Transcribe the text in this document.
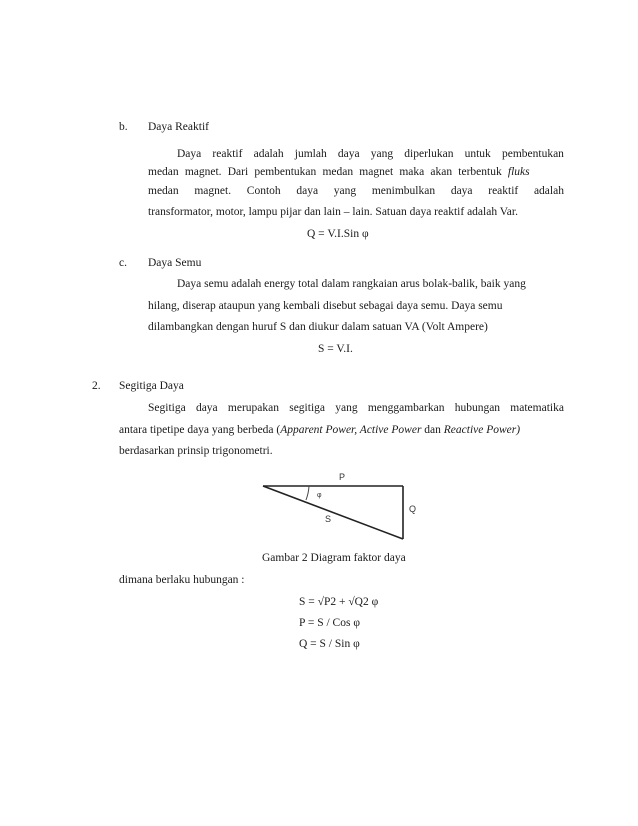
b. Daya Reaktif
Daya reaktif adalah jumlah daya yang diperlukan untuk pembentukan
medan magnet. Dari pembentukan medan magnet maka akan terbentuk fluks
medan magnet. Contoh daya yang menimbulkan daya reaktif adalah
transformator, motor, lampu pijar dan lain – lain. Satuan daya reaktif adalah Var.
Q = V.I.Sin φ
c. Daya Semu
Daya semu adalah energy total dalam rangkaian arus bolak-balik, baik yang
hilang, diserap ataupun yang kembali disebut sebagai daya semu. Daya semu
dilambangkan dengan huruf S dan diukur dalam satuan VA (Volt Ampere)
S = V.I.
2. Segitiga Daya
Segitiga daya merupakan segitiga yang menggambarkan hubungan matematika
antara tipetipe daya yang berbeda (Apparent Power, Active Power dan Reactive Power)
berdasarkan prinsip trigonometri.
P
Q
S
φ
Gambar 2 Diagram faktor daya
dimana berlaku hubungan :
S = √P2 + √Q2 φ
P = S / Cos φ
Q = S / Sin φ
